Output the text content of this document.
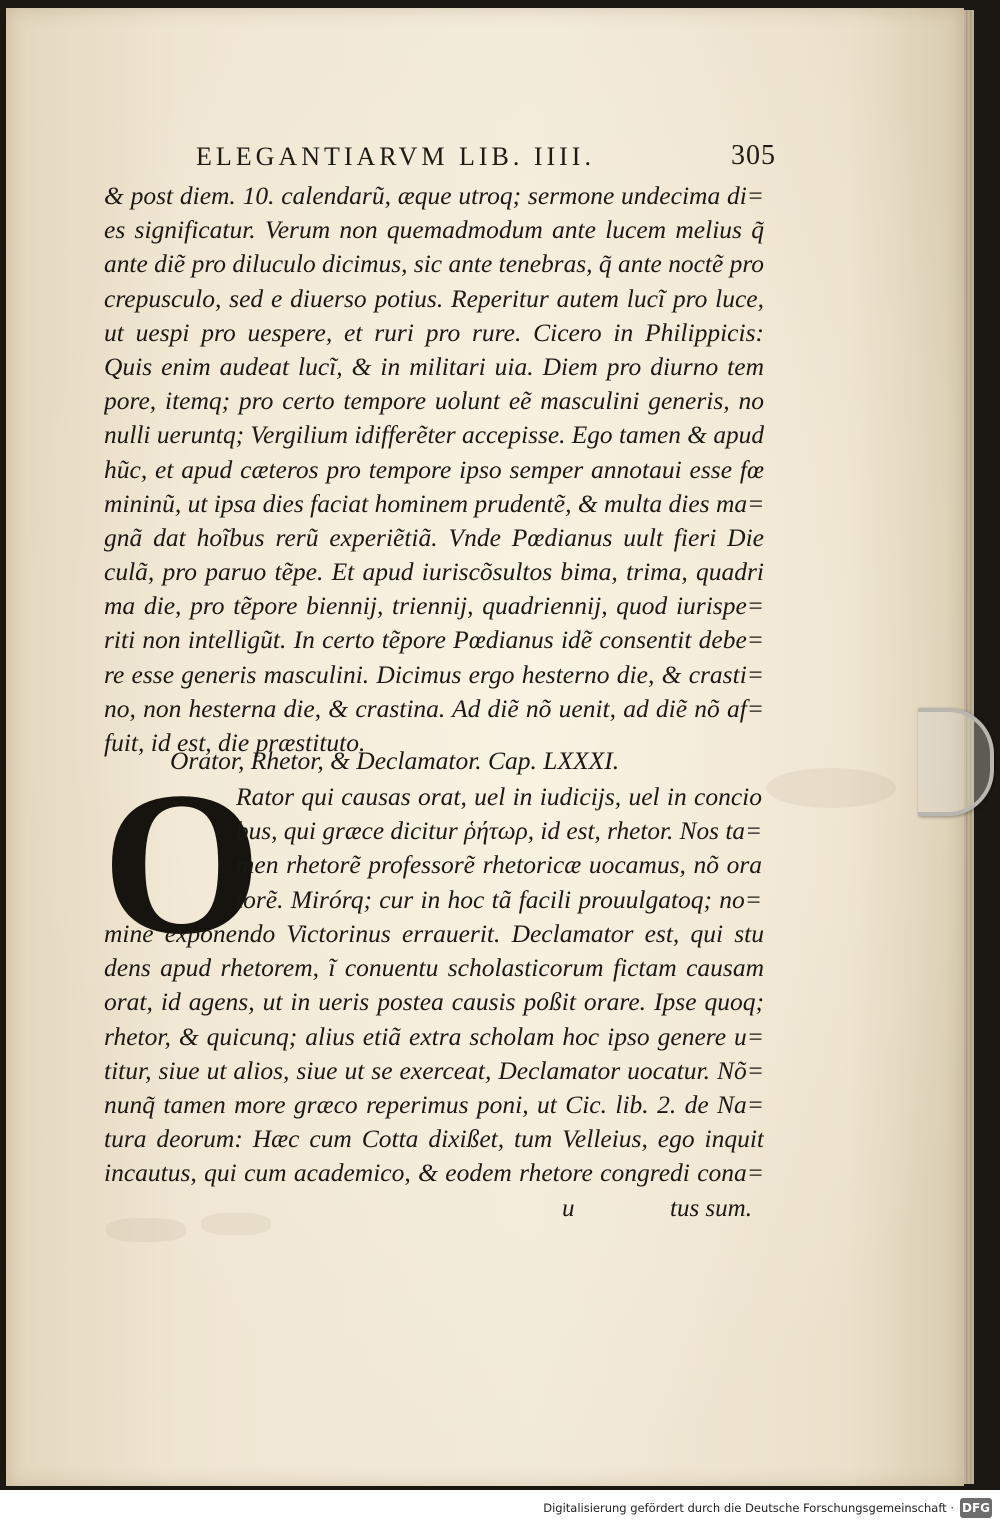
ELEGANTIARVM LIB. IIII.	305
& post diem. 10. calendarũ, æque utroq; sermone undecima di=
es significatur. Verum non quemadmodum ante lucem melius q̃
ante diẽ pro diluculo dicimus, sic ante tenebras, q̃ ante noctẽ pro
crepusculo, sed e diuerso potius. Reperitur autem lucĩ pro luce,
ut uespi pro uespere, et ruri pro rure. Cicero in Philippicis:
Quis enim audeat lucĩ, & in militari uia. Diem pro diurno tem
pore, itemq; pro certo tempore uolunt eẽ masculini generis, no
nulli ueruntq; Vergilium idifferẽter accepisse. Ego tamen & apud
hũc, et apud cæteros pro tempore ipso semper annotaui esse fœ
mininũ, ut ipsa dies faciat hominem prudentẽ, & multa dies ma=
gnã dat hoĩbus rerũ experiẽtiã. Vnde Pœdianus uult fieri Die
culã, pro paruo tẽpe. Et apud iuriscõsultos bima, trima, quadri
ma die, pro tẽpore biennij, triennij, quadriennij, quod iurispe=
riti non intelligũt. In certo tẽpore Pœdianus idẽ consentit debe=
re esse generis masculini. Dicimus ergo hesterno die, & crasti=
no, non hesterna die, & crastina. Ad diẽ nõ uenit, ad diẽ nõ af=
fuit, id est, die præstituto.
Orator, Rhetor, & Declamator. Cap. LXXXI.
O
Rator qui causas orat, uel in iudicijs, uel in concio
bus, qui græce dicitur ῥήτωρ, id est, rhetor. Nos ta=
men rhetorẽ professorẽ rhetoricæ uocamus, nõ ora
torẽ. Mirórq; cur in hoc tã facili prouulgatoq; no=
mine exponendo Victorinus errauerit. Declamator est, qui stu
dens apud rhetorem, ĩ conuentu scholasticorum fictam causam
orat, id agens, ut in ueris postea causis poßit orare. Ipse quoq;
rhetor, & quicunq; alius etiã extra scholam hoc ipso genere u=
titur, siue ut alios, siue ut se exerceat, Declamator uocatur. Nõ=
nunq̃ tamen more græco reperimus poni, ut Cic. lib. 2. de Na=
tura deorum: Hæc cum Cotta dixißet, tum Velleius, ego inquit
incautus, qui cum academico, & eodem rhetore congredi cona=
u	tus sum.
Digitalisierung gefördert durch die Deutsche Forschungsgemeinschaft · DFG
